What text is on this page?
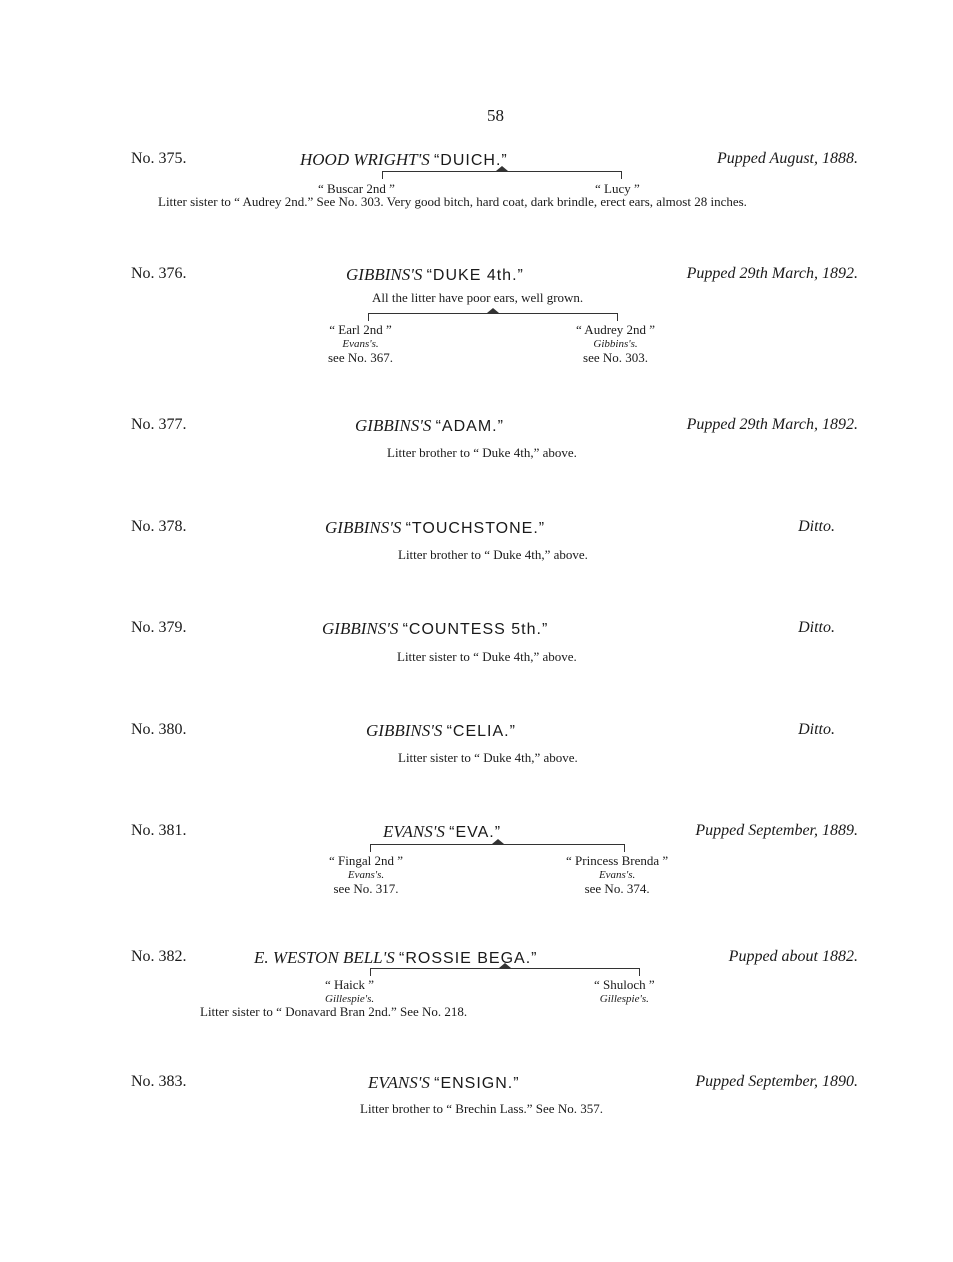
58
No. 375.	HOOD WRIGHT'S “DUICH.”	Pupped August, 1888.
“ Buscar 2nd ”	“ Lucy ”
Litter sister to “ Audrey 2nd.” See No. 303. Very good bitch, hard coat, dark brindle, erect ears, almost 28 inches.
No. 376.	GIBBINS'S “DUKE 4th.”	Pupped 29th March, 1892.
All the litter have poor ears, well grown.
“ Earl 2nd ”
Evans's.
see No. 367.
“ Audrey 2nd ”
Gibbins's.
see No. 303.
No. 377.	GIBBINS'S “ADAM.”	Pupped 29th March, 1892.
Litter brother to “ Duke 4th,” above.
No. 378.	GIBBINS'S “TOUCHSTONE.”	Ditto.
Litter brother to “ Duke 4th,” above.
No. 379.	GIBBINS'S “COUNTESS 5th.”	Ditto.
Litter sister to “ Duke 4th,” above.
No. 380.	GIBBINS'S “CELIA.”	Ditto.
Litter sister to “ Duke 4th,” above.
No. 381.	EVANS'S “EVA.”	Pupped September, 1889.
“ Fingal 2nd ”
Evans's.
see No. 317.
“ Princess Brenda ”
Evans's.
see No. 374.
No. 382.	E. WESTON BELL'S “ROSSIE BEGA.”	Pupped about 1882.
“ Haick ”
Gillespie's.
“ Shuloch ”
Gillespie's.
Litter sister to “ Donavard Bran 2nd.” See No. 218.
No. 383.	EVANS'S “ENSIGN.”	Pupped September, 1890.
Litter brother to “ Brechin Lass.” See No. 357.
